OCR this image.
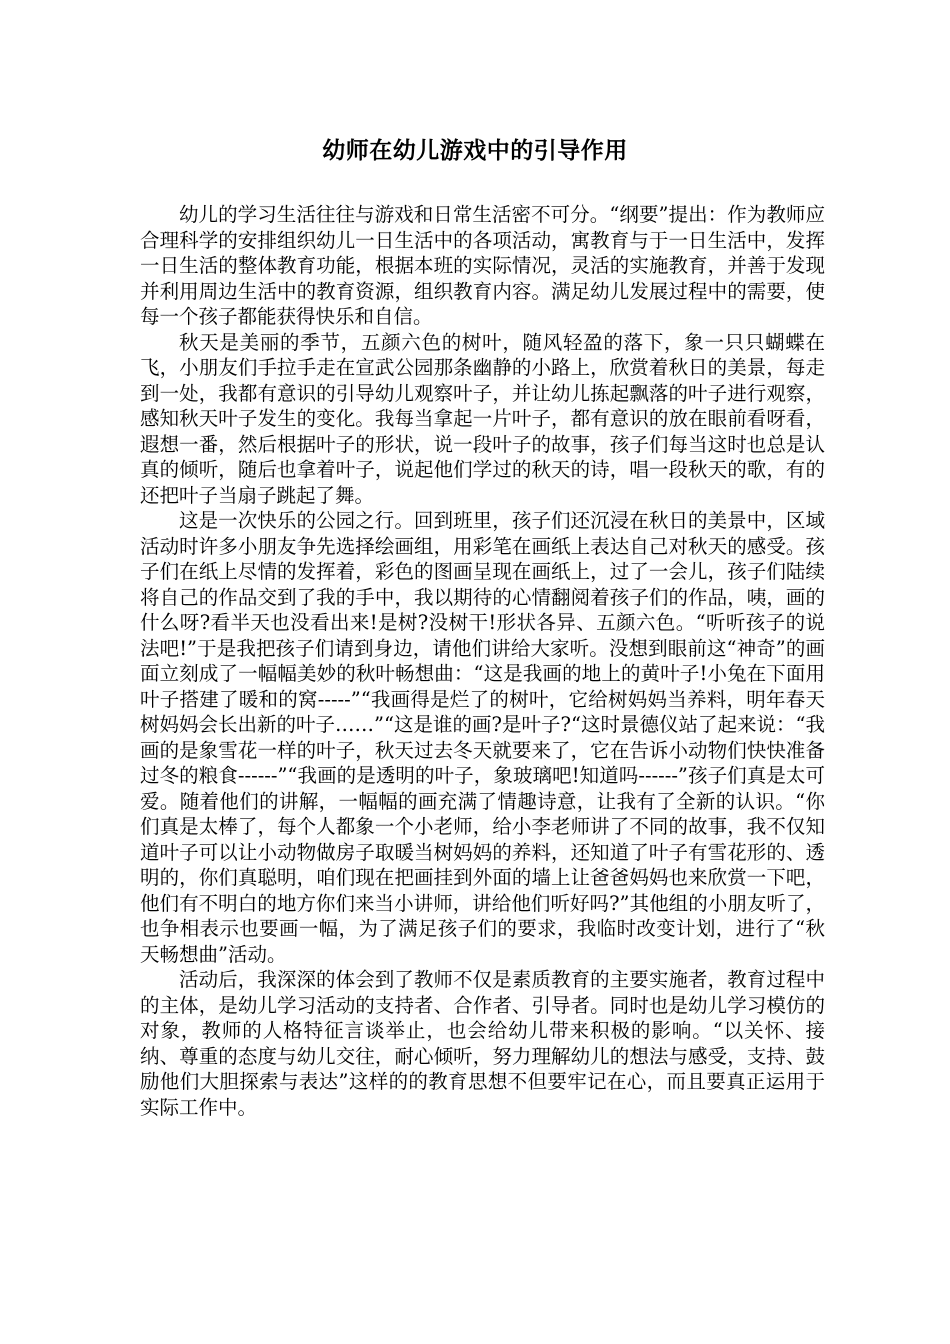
幼师在幼儿游戏中的引导作用

幼儿的学习生活往往与游戏和日常生活密不可分。“纲要”提出：作为教师应合理科学的安排组织幼儿一日生活中的各项活动，寓教育与于一日生活中，发挥一日生活的整体教育功能，根据本班的实际情况，灵活的实施教育，并善于发现并利用周边生活中的教育资源，组织教育内容。满足幼儿发展过程中的需要，使每一个孩子都能获得快乐和自信。

秋天是美丽的季节，五颜六色的树叶，随风轻盈的落下，象一只只蝴蝶在飞，小朋友们手拉手走在宣武公园那条幽静的小路上，欣赏着秋日的美景，每走到一处，我都有意识的引导幼儿观察叶子，并让幼儿拣起飘落的叶子进行观察，感知秋天叶子发生的变化。我每当拿起一片叶子，都有意识的放在眼前看呀看，遐想一番，然后根据叶子的形状，说一段叶子的故事，孩子们每当这时也总是认真的倾听，随后也拿着叶子，说起他们学过的秋天的诗，唱一段秋天的歌，有的还把叶子当扇子跳起了舞。

这是一次快乐的公园之行。回到班里，孩子们还沉浸在秋日的美景中，区域活动时许多小朋友争先选择绘画组，用彩笔在画纸上表达自己对秋天的感受。孩子们在纸上尽情的发挥着，彩色的图画呈现在画纸上，过了一会儿，孩子们陆续将自己的作品交到了我的手中，我以期待的心情翻阅着孩子们的作品，咦，画的什么呀?看半天也没看出来!是树?没树干!形状各异、五颜六色。“听听孩子的说法吧!”于是我把孩子们请到身边，请他们讲给大家听。没想到眼前这“神奇”的画面立刻成了一幅幅美妙的秋叶畅想曲：“这是我画的地上的黄叶子!小兔在下面用叶子搭建了暖和的窝-----”“我画得是烂了的树叶，它给树妈妈当养料，明年春天树妈妈会长出新的叶子……”“这是谁的画?是叶子?“这时景德仪站了起来说：“我画的是象雪花一样的叶子，秋天过去冬天就要来了，它在告诉小动物们快快准备过冬的粮食------”“我画的是透明的叶子，象玻璃吧!知道吗------”孩子们真是太可爱。随着他们的讲解，一幅幅的画充满了情趣诗意，让我有了全新的认识。“你们真是太棒了，每个人都象一个小老师，给小李老师讲了不同的故事，我不仅知道叶子可以让小动物做房子取暖当树妈妈的养料，还知道了叶子有雪花形的、透明的，你们真聪明，咱们现在把画挂到外面的墙上让爸爸妈妈也来欣赏一下吧，他们有不明白的地方你们来当小讲师，讲给他们听好吗?”其他组的小朋友听了，也争相表示也要画一幅，为了满足孩子们的要求，我临时改变计划，进行了“秋天畅想曲”活动。

活动后，我深深的体会到了教师不仅是素质教育的主要实施者，教育过程中的主体，是幼儿学习活动的支持者、合作者、引导者。同时也是幼儿学习模仿的对象，教师的人格特征言谈举止，也会给幼儿带来积极的影响。“以关怀、接纳、尊重的态度与幼儿交往，耐心倾听，努力理解幼儿的想法与感受，支持、鼓励他们大胆探索与表达”这样的的教育思想不但要牢记在心，而且要真正运用于实际工作中。
